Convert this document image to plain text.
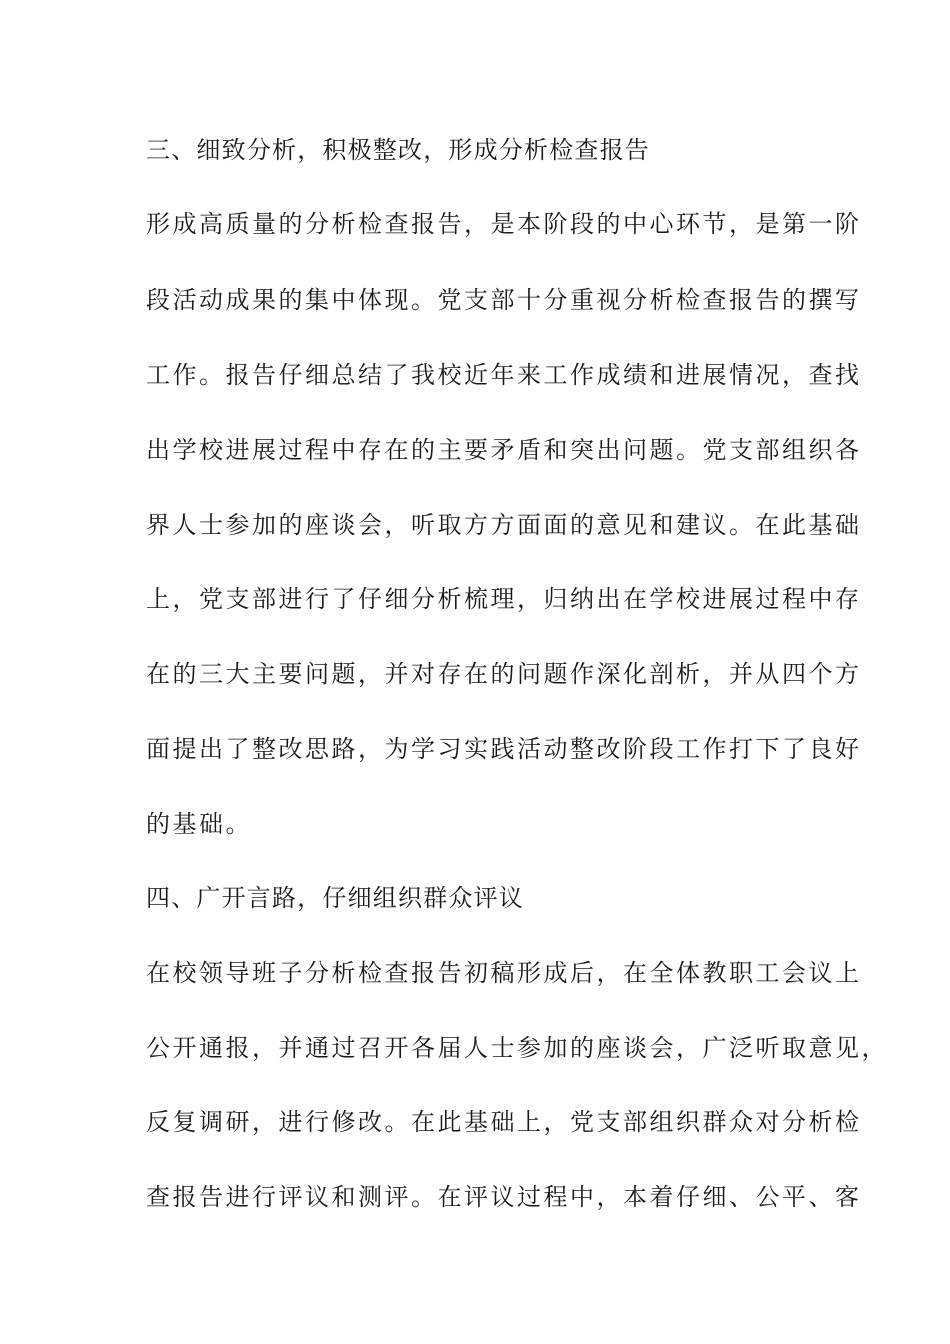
三、细致分析，积极整改，形成分析检查报告
形成高质量的分析检查报告，是本阶段的中心环节，是第一阶
段活动成果的集中体现。党支部十分重视分析检查报告的撰写
工作。报告仔细总结了我校近年来工作成绩和进展情况，查找
出学校进展过程中存在的主要矛盾和突出问题。党支部组织各
界人士参加的座谈会，听取方方面面的意见和建议。在此基础
上，党支部进行了仔细分析梳理，归纳出在学校进展过程中存
在的三大主要问题，并对存在的问题作深化剖析，并从四个方
面提出了整改思路，为学习实践活动整改阶段工作打下了良好
的基础。
四、广开言路，仔细组织群众评议
在校领导班子分析检查报告初稿形成后，在全体教职工会议上
公开通报，并通过召开各届人士参加的座谈会，广泛听取意见，
反复调研，进行修改。在此基础上，党支部组织群众对分析检
查报告进行评议和测评。在评议过程中，本着仔细、公平、客
